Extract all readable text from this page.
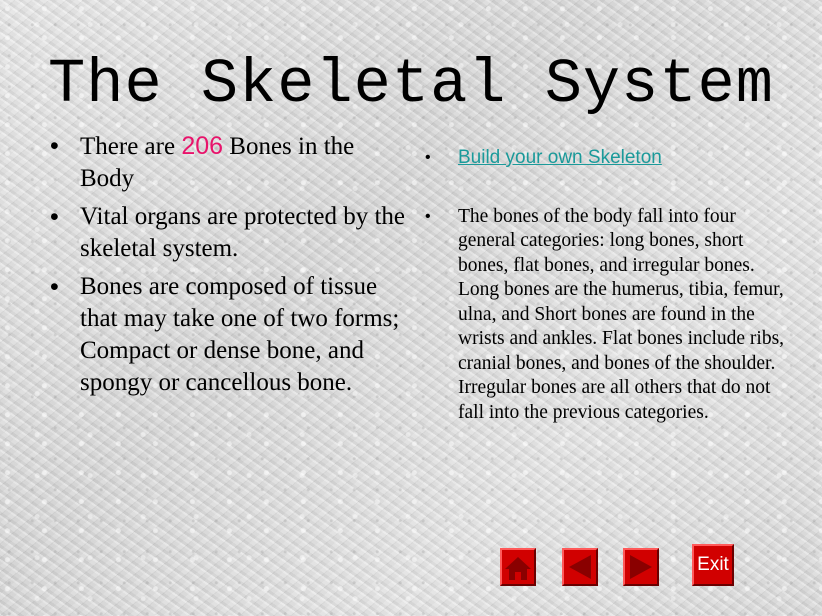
The Skeletal System
• There are 206 Bones in the Body
• Vital organs are protected by the skeletal system.
• Bones are composed of tissue that may take one of two forms; Compact or dense bone, and spongy or cancellous bone.
• Build your own Skeleton
• The bones of the body fall into four general categories: long bones, short bones, flat bones, and irregular bones. Long bones are the humerus, tibia, femur, ulna, and Short bones are found in the wrists and ankles. Flat bones include ribs, cranial bones, and bones of the shoulder. Irregular bones are all others that do not fall into the previous categories.
Exit
